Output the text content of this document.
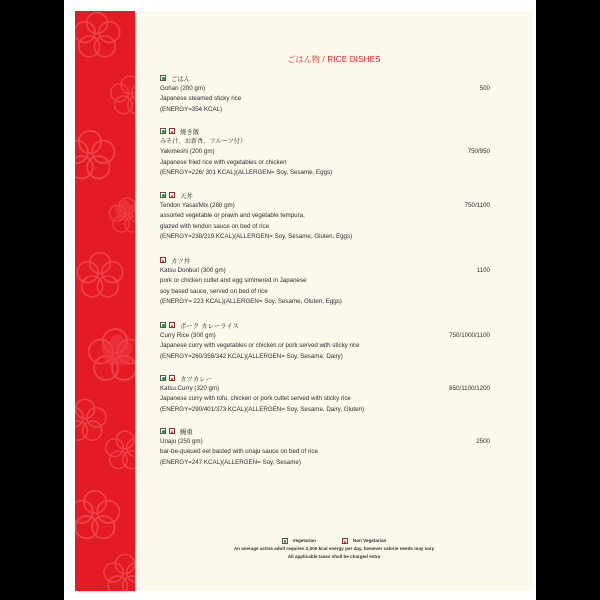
ごはん物 / RICE DISHES
ごはん
Gohan (200 gm)	500
Japanese steamed sticky rice
(ENERGY=354 KCAL)
焼き飯
みそ汁、お新香、フルーツ付）
Yakimeshi (200 gm)	750/950
Japanese fried rice with vegetables or chicken
(ENERGY=226/ 301 KCAL)(ALLERGEN= Soy, Sesame, Eggs)
天丼
Tendon Yasai/Mix (280 gm)	750/1100
assorted vegetable or prawn and vegetable tempura,
glazed with tendon sauce on bed of rice
(ENERGY=238/219 KCAL)(ALLERGEN= Soy, Sesame, Gluten, Eggs)
カツ丼
Katsu Donburi (300 gm)	1100
pork or chicken cutlet and egg simmered in Japanese
soy based sauce, served on bed of rice
(ENERGY= 223 KCAL)(ALLERGEN= Soy, Sesame, Gluten, Eggs)
ポーク カレーライス
Curry Rice (300 gm)	750/1000/1100
Japanese curry with vegetables or chicken or pork served with sticky rice
(ENERGY=260/358/342 KCAL)(ALLERGEN= Soy, Sesame, Dairy)
カツカレー
Katsu Curry (320 gm)	850/1100/1200
Japanese curry with tofu, chicken or pork cutlet served with sticky rice
(ENERGY=290/401/373 KCAL)(ALLERGEN= Soy, Sesame, Dairy, Gluten)
鰻重
Unaju (250 gm)	2500
bar-be-queued eel basted with unaju sauce on bed of rice
(ENERGY=247 KCAL)(ALLERGEN= Soy, Sesame)
Vegetarian	Non Vegetarian
An average active adult requires 2,000 kcal energy per day, however calorie needs may vary
All applicable taxes shall be charged extra
